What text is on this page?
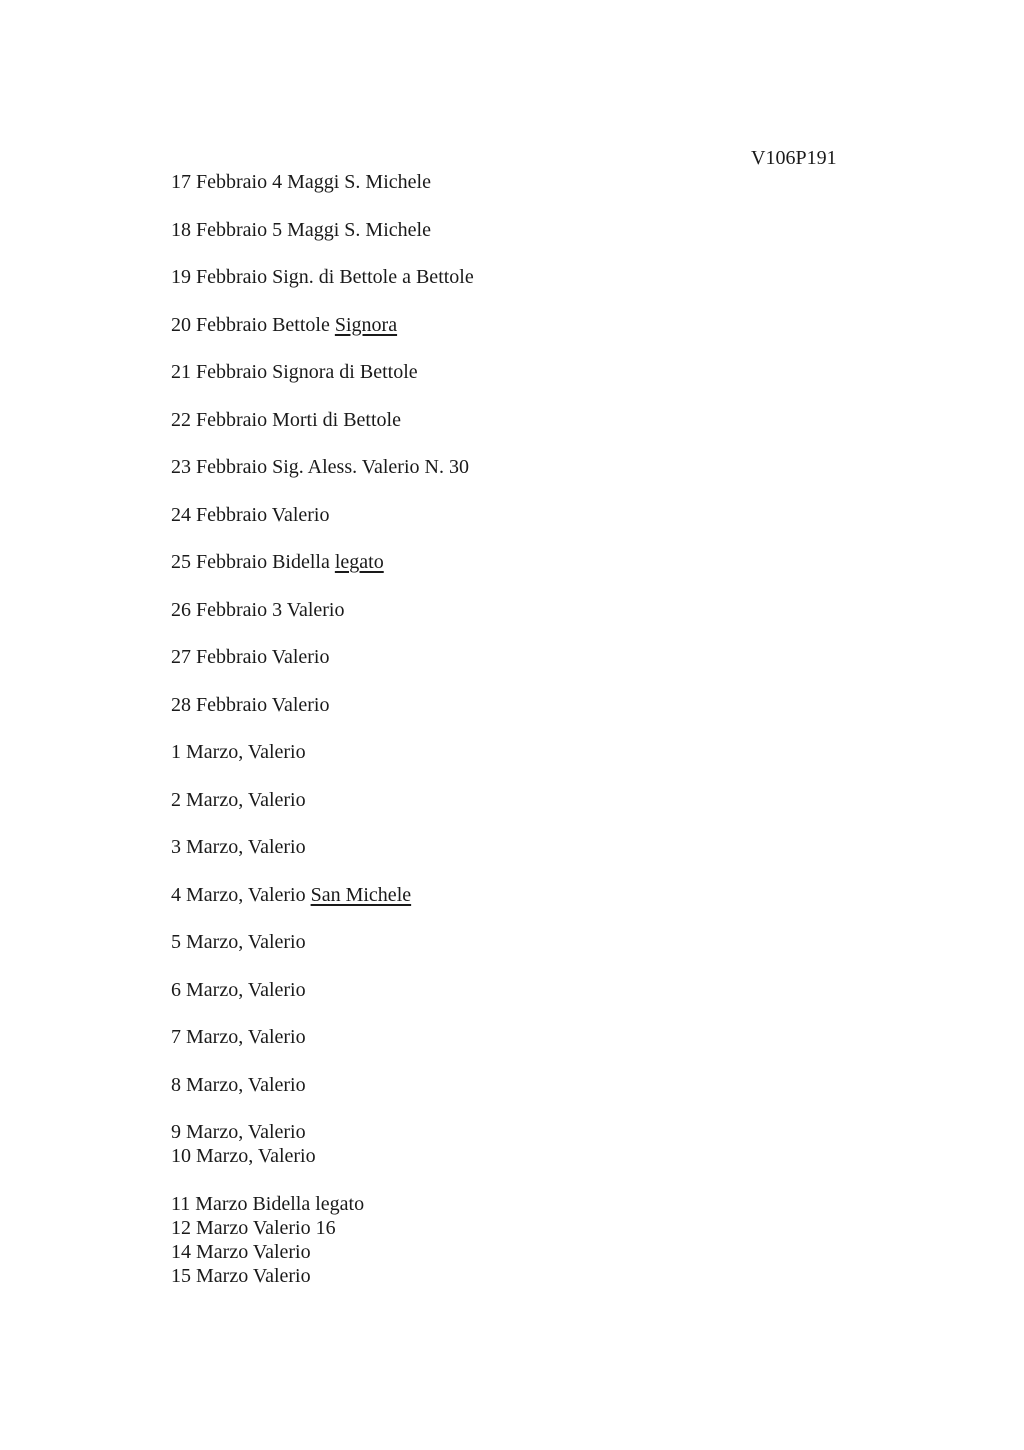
V106P191
17 Febbraio 4 Maggi S. Michele
18 Febbraio 5 Maggi S. Michele
19 Febbraio Sign. di Bettole a Bettole
20 Febbraio Bettole Signora
21 Febbraio Signora di Bettole
22 Febbraio Morti di Bettole
23 Febbraio Sig. Aless. Valerio N. 30
24 Febbraio Valerio
25 Febbraio Bidella legato
26 Febbraio 3 Valerio
27 Febbraio Valerio
28 Febbraio Valerio
1 Marzo, Valerio
2 Marzo, Valerio
3 Marzo, Valerio
4 Marzo, Valerio San Michele
5 Marzo, Valerio
6 Marzo, Valerio
7 Marzo, Valerio
8 Marzo, Valerio
9 Marzo, Valerio
10 Marzo, Valerio
11 Marzo Bidella legato
12 Marzo Valerio 16
14 Marzo Valerio
15 Marzo Valerio
